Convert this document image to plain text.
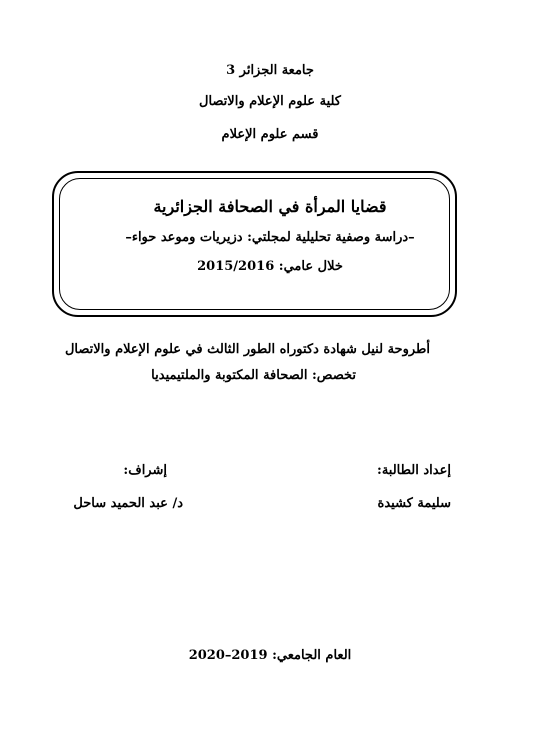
جامعة الجزائر 3
كلية علوم الإعلام والاتصال
قسم علوم الإعلام
قضايا المرأة في الصحافة الجزائرية
–دراسة وصفية تحليلية لمجلتي: دزيريات وموعد حواء–
خلال عامي: 2015/2016
أطروحة لنيل شهادة دكتوراه الطور الثالث في علوم الإعلام والاتصال
تخصص: الصحافة المكتوبة والملتيميديا
إعداد الطالبة:
سليمة كشيدة
إشراف:
د/ عبد الحميد ساحل
العام الجامعي: 2019–2020
